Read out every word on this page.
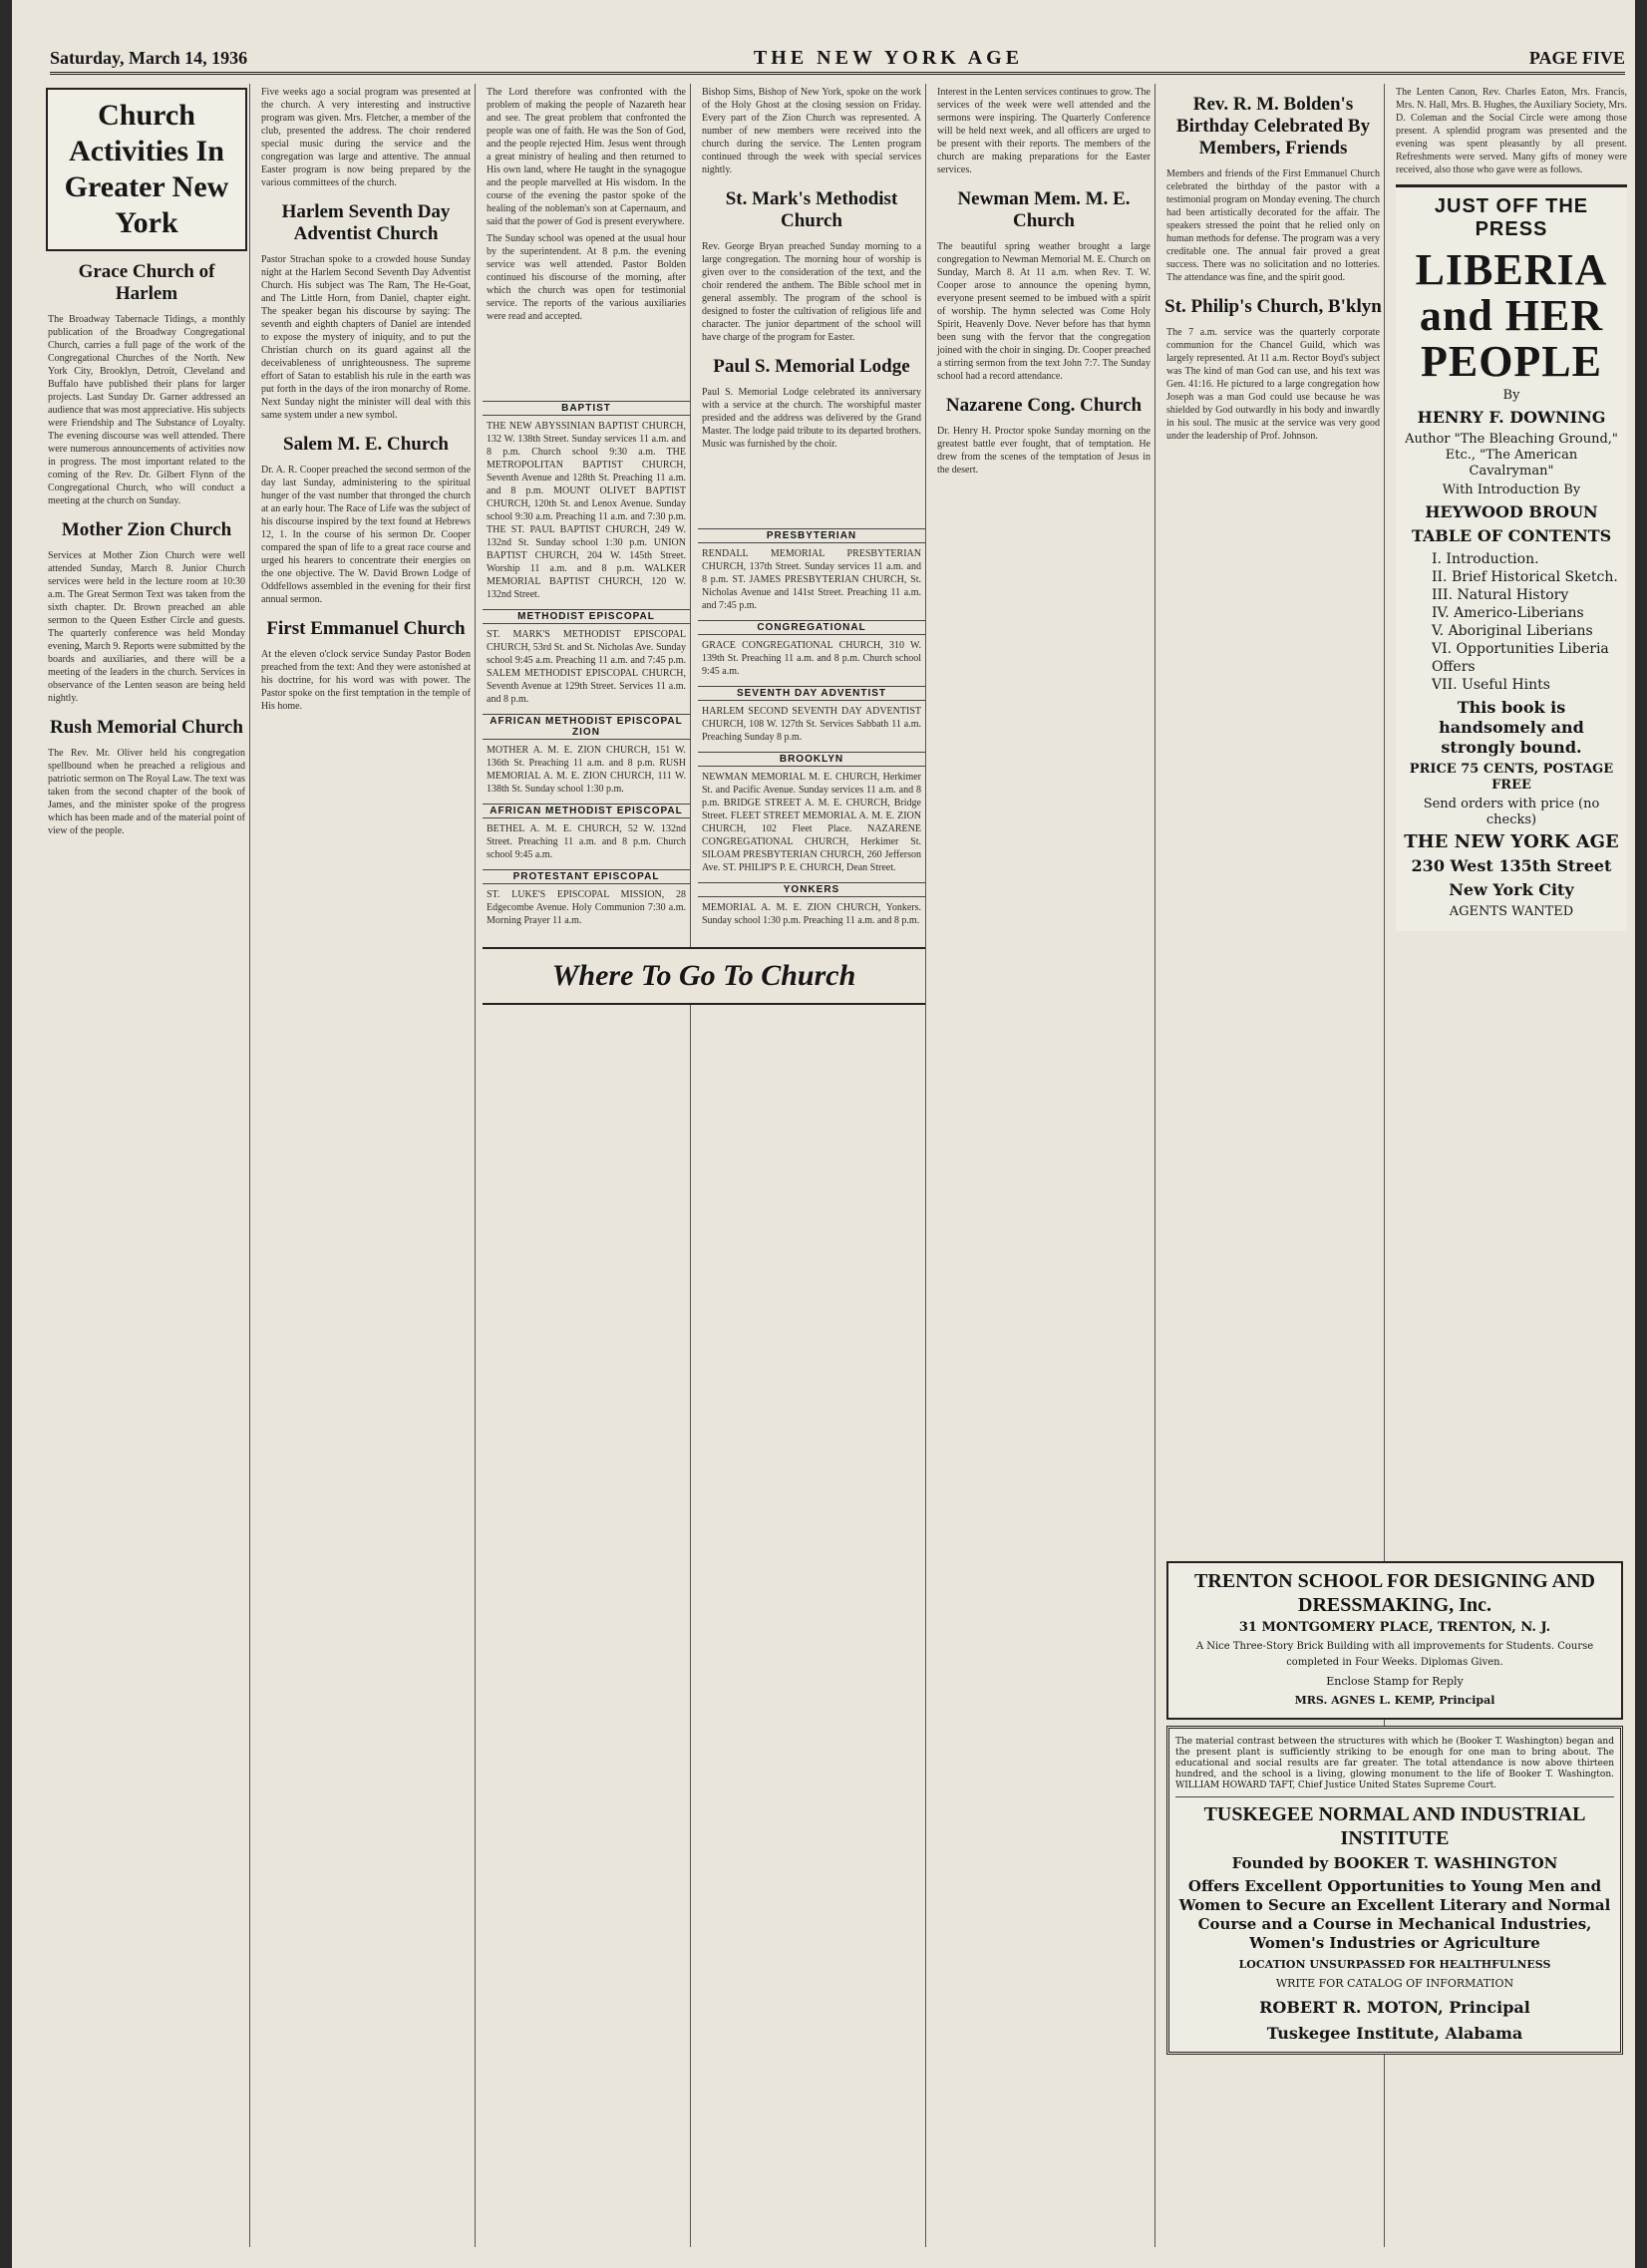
Saturday, March 14, 1936	THE NEW YORK AGE	PAGE FIVE
Church Activities In Greater New York
Grace Church of Harlem

The Broadway Tabernacle Tidings, a monthly publication of the Broadway Congregational Church, carries a full page of the work of the Congregational Churches of the North. New York City, Brooklyn, Detroit, Cleveland and Buffalo have published their plans for larger projects. Last Sunday Dr. Garner addressed an audience that was most appreciative. His subjects were Friendship and The Substance of Loyalty. The evening discourse was well attended. There were numerous announcements of activities now in progress. The most important related to the coming of the Rev. Dr. Gilbert Flynn of the Congregational Church, who will conduct a meeting at the church on Sunday.

Mother Zion Church

Services at Mother Zion Church were well attended Sunday, March 8. Junior Church services were held in the lecture room at 10:30 a.m. The Great Sermon Text was taken from the sixth chapter. Dr. Brown preached an able sermon to the Queen Esther Circle and guests. The quarterly conference was held Monday evening, March 9. Reports were submitted by the boards and auxiliaries, and there will be a meeting of the leaders in the church. Services in observance of the Lenten season are being held nightly.

Rush Memorial Church

The Rev. Mr. Oliver held his congregation spellbound when he preached a religious and patriotic sermon on The Royal Law. The text was taken from the second chapter of the book of James, and the minister spoke of the progress which has been made and of the material point of view of the people.

Five weeks ago a social program was presented at the church. A very interesting and instructive program was given. Mrs. Fletcher, a member of the club, presented the address. The choir rendered special music during the service and the congregation was large and attentive. The annual Easter program is now being prepared by the various committees of the church.

Harlem Seventh Day Adventist Church

Pastor Strachan spoke to a crowded house Sunday night at the Harlem Second Seventh Day Adventist Church. His subject was The Ram, The He-Goat, and The Little Horn, from Daniel, chapter eight. The speaker began his discourse by saying: The seventh and eighth chapters of Daniel are intended to expose the mystery of iniquity, and to put the Christian church on its guard against all the deceivableness of unrighteousness. The supreme effort of Satan to establish his rule in the earth was put forth in the days of the iron monarchy of Rome. Next Sunday night the minister will deal with this same system under a new symbol.

Salem M. E. Church

Dr. A. R. Cooper preached the second sermon of the day last Sunday, administering to the spiritual hunger of the vast number that thronged the church at an early hour. The Race of Life was the subject of his discourse inspired by the text found at Hebrews 12, 1. In the course of his sermon Dr. Cooper compared the span of life to a great race course and urged his hearers to concentrate their energies on the one objective. The W. David Brown Lodge of Oddfellows assembled in the evening for their first annual sermon.

First Emmanuel Church

At the eleven o'clock service Sunday Pastor Boden preached from the text: And they were astonished at his doctrine, for his word was with power. The Pastor spoke on the first temptation in the temple of His home.

The Lord therefore was confronted with the problem of making the people of Nazareth hear and see. The great problem that confronted the people was one of faith. He was the Son of God, and the people rejected Him. Jesus went through a great ministry of healing and then returned to His own land, where He taught in the synagogue and the people marvelled at His wisdom. In the course of the evening the pastor spoke of the healing of the nobleman's son at Capernaum, and said that the power of God is present everywhere.

The Sunday school was opened at the usual hour by the superintendent. At 8 p.m. the evening service was well attended. Pastor Bolden continued his discourse of the morning, after which the church was open for testimonial service. The reports of the various auxiliaries were read and accepted.

BAPTIST

THE NEW ABYSSINIAN BAPTIST CHURCH, 132 W. 138th Street. Sunday services 11 a.m. and 8 p.m. Church school 9:30 a.m. THE METROPOLITAN BAPTIST CHURCH, Seventh Avenue and 128th St. Preaching 11 a.m. and 8 p.m. MOUNT OLIVET BAPTIST CHURCH, 120th St. and Lenox Avenue. Sunday school 9:30 a.m. Preaching 11 a.m. and 7:30 p.m. THE ST. PAUL BAPTIST CHURCH, 249 W. 132nd St. Sunday school 1:30 p.m. UNION BAPTIST CHURCH, 204 W. 145th Street. Worship 11 a.m. and 8 p.m. WALKER MEMORIAL BAPTIST CHURCH, 120 W. 132nd Street.

METHODIST EPISCOPAL

ST. MARK'S METHODIST EPISCOPAL CHURCH, 53rd St. and St. Nicholas Ave. Sunday school 9:45 a.m. Preaching 11 a.m. and 7:45 p.m. SALEM METHODIST EPISCOPAL CHURCH, Seventh Avenue at 129th Street. Services 11 a.m. and 8 p.m.

AFRICAN METHODIST EPISCOPAL ZION

MOTHER A. M. E. ZION CHURCH, 151 W. 136th St. Preaching 11 a.m. and 8 p.m. RUSH MEMORIAL A. M. E. ZION CHURCH, 111 W. 138th St. Sunday school 1:30 p.m.

AFRICAN METHODIST EPISCOPAL

BETHEL A. M. E. CHURCH, 52 W. 132nd Street. Preaching 11 a.m. and 8 p.m. Church school 9:45 a.m.

PROTESTANT EPISCOPAL

ST. LUKE'S EPISCOPAL MISSION, 28 Edgecombe Avenue. Holy Communion 7:30 a.m. Morning Prayer 11 a.m.

Bishop Sims, Bishop of New York, spoke on the work of the Holy Ghost at the closing session on Friday. Every part of the Zion Church was represented. A number of new members were received into the church during the service. The Lenten program continued through the week with special services nightly.

St. Mark's Methodist Church

Rev. George Bryan preached Sunday morning to a large congregation. The morning hour of worship is given over to the consideration of the text, and the choir rendered the anthem. The Bible school met in general assembly. The program of the school is designed to foster the cultivation of religious life and character. The junior department of the school will have charge of the program for Easter.

Paul S. Memorial Lodge

Paul S. Memorial Lodge celebrated its anniversary with a service at the church. The worshipful master presided and the address was delivered by the Grand Master. The lodge paid tribute to its departed brothers. Music was furnished by the choir.

PRESBYTERIAN

RENDALL MEMORIAL PRESBYTERIAN CHURCH, 137th Street. Sunday services 11 a.m. and 8 p.m. ST. JAMES PRESBYTERIAN CHURCH, St. Nicholas Avenue and 141st Street. Preaching 11 a.m. and 7:45 p.m.

CONGREGATIONAL

GRACE CONGREGATIONAL CHURCH, 310 W. 139th St. Preaching 11 a.m. and 8 p.m. Church school 9:45 a.m.

SEVENTH DAY ADVENTIST

HARLEM SECOND SEVENTH DAY ADVENTIST CHURCH, 108 W. 127th St. Services Sabbath 11 a.m. Preaching Sunday 8 p.m.

BROOKLYN

NEWMAN MEMORIAL M. E. CHURCH, Herkimer St. and Pacific Avenue. Sunday services 11 a.m. and 8 p.m. BRIDGE STREET A. M. E. CHURCH, Bridge Street. FLEET STREET MEMORIAL A. M. E. ZION CHURCH, 102 Fleet Place. NAZARENE CONGREGATIONAL CHURCH, Herkimer St. SILOAM PRESBYTERIAN CHURCH, 260 Jefferson Ave. ST. PHILIP'S P. E. CHURCH, Dean Street.

YONKERS

MEMORIAL A. M. E. ZION CHURCH, Yonkers. Sunday school 1:30 p.m. Preaching 11 a.m. and 8 p.m.

Where To Go To Church

Interest in the Lenten services continues to grow. The services of the week were well attended and the sermons were inspiring. The Quarterly Conference will be held next week, and all officers are urged to be present with their reports. The members of the church are making preparations for the Easter services.

Newman Mem. M. E. Church

The beautiful spring weather brought a large congregation to Newman Memorial M. E. Church on Sunday, March 8. At 11 a.m. when Rev. T. W. Cooper arose to announce the opening hymn, everyone present seemed to be imbued with a spirit of worship. The hymn selected was Come Holy Spirit, Heavenly Dove. Never before has that hymn been sung with the fervor that the congregation joined with the choir in singing. Dr. Cooper preached a stirring sermon from the text John 7:7. The Sunday school had a record attendance.

Nazarene Cong. Church

Dr. Henry H. Proctor spoke Sunday morning on the greatest battle ever fought, that of temptation. He drew from the scenes of the temptation of Jesus in the desert.

Rev. R. M. Bolden's Birthday Celebrated By Members, Friends

Members and friends of the First Emmanuel Church celebrated the birthday of the pastor with a testimonial program on Monday evening. The church had been artistically decorated for the affair. The speakers stressed the point that he relied only on human methods for defense. The program was a very creditable one. The annual fair proved a great success. There was no solicitation and no lotteries. The attendance was fine, and the spirit good.

St. Philip's Church, B'klyn

The 7 a.m. service was the quarterly corporate communion for the Chancel Guild, which was largely represented. At 11 a.m. Rector Boyd's subject was The kind of man God can use, and his text was Gen. 41:16. He pictured to a large congregation how Joseph was a man God could use because he was shielded by God outwardly in his body and inwardly in his soul. The music at the service was very good under the leadership of Prof. Johnson.

The Lenten Canon, Rev. Charles Eaton, Mrs. Francis, Mrs. N. Hall, Mrs. B. Hughes, the Auxiliary Society, Mrs. D. Coleman and the Social Circle were among those present. A splendid program was presented and the evening was spent pleasantly by all present. Refreshments were served. Many gifts of money were received, also those who gave were as follows.

JUST OFF THE PRESS
LIBERIA and HER PEOPLE
By
HENRY F. DOWNING
Author "The Bleaching Ground," Etc., "The American Cavalryman"
With Introduction By
HEYWOOD BROUN
TABLE OF CONTENTS
I. Introduction.
II. Brief Historical Sketch.
III. Natural History
IV. Americo-Liberians
V. Aboriginal Liberians
VI. Opportunities Liberia Offers
VII. Useful Hints
This book is handsomely and strongly bound.
PRICE 75 CENTS, POSTAGE FREE
Send orders with price (no checks)
THE NEW YORK AGE
230 West 135th Street
New York City
AGENTS WANTED
TRENTON SCHOOL FOR DESIGNING AND DRESSMAKING, Inc.
31 MONTGOMERY PLACE, TRENTON, N. J.
A Nice Three-Story Brick Building with all improvements for Students. Course completed in Four Weeks. Diplomas Given.
Enclose Stamp for Reply
MRS. AGNES L. KEMP, Principal
The material contrast between the structures with which he (Booker T. Washington) began and the present plant is sufficiently striking to be enough for one man to bring about. The educational and social results are far greater. The total attendance is now above thirteen hundred, and the school is a living, glowing monument to the life of Booker T. Washington. WILLIAM HOWARD TAFT, Chief Justice United States Supreme Court.
TUSKEGEE NORMAL AND INDUSTRIAL INSTITUTE
Founded by BOOKER T. WASHINGTON
Offers Excellent Opportunities to Young Men and Women to Secure an Excellent Literary and Normal Course and a Course in Mechanical Industries, Women's Industries or Agriculture
LOCATION UNSURPASSED FOR HEALTHFULNESS
WRITE FOR CATALOG OF INFORMATION
ROBERT R. MOTON, Principal
Tuskegee Institute, Alabama
